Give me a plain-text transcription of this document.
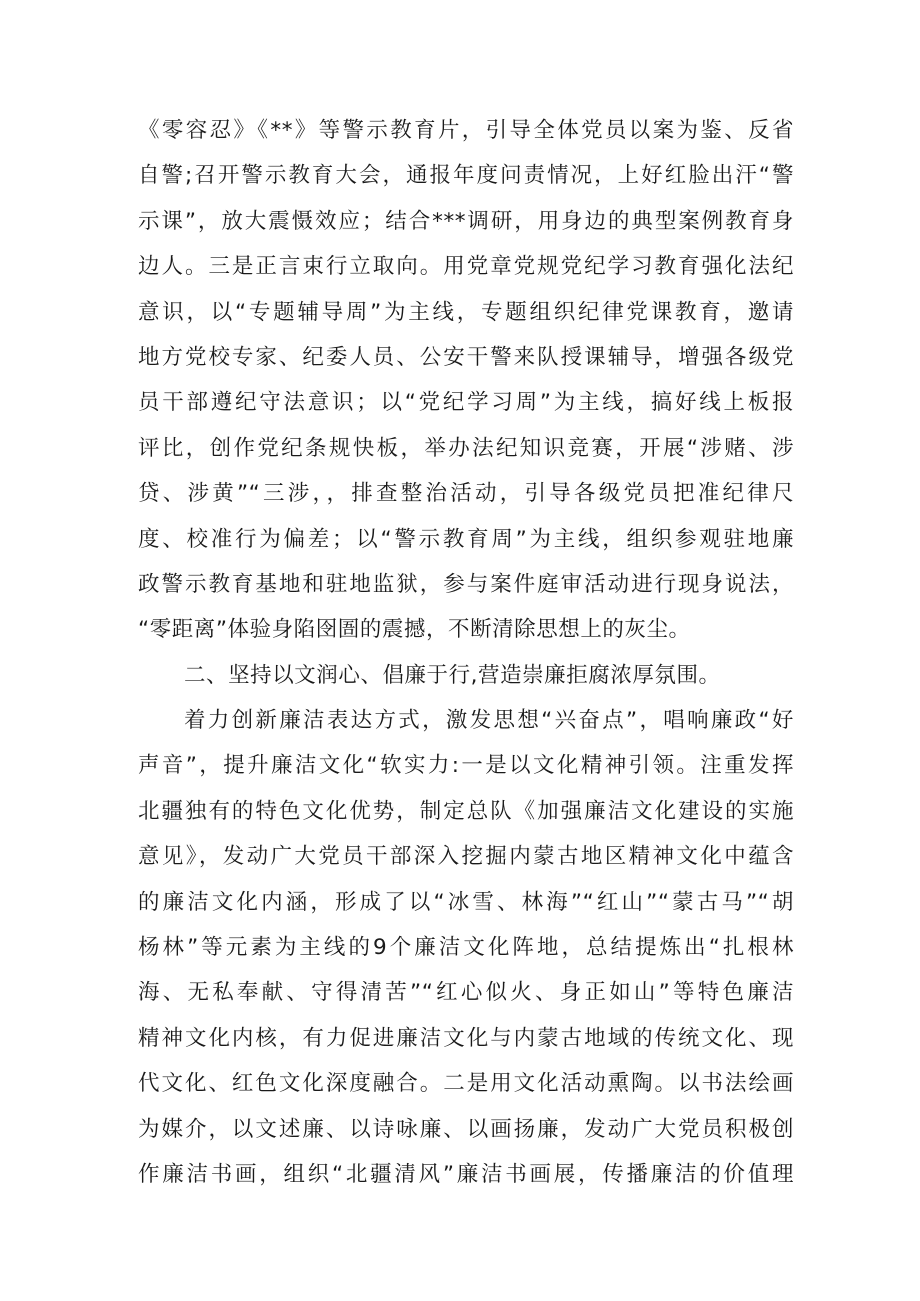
《零容忍》《**》等警示教育片，引导全体党员以案为鉴、反省
自警;召开警示教育大会，通报年度问责情况，上好红脸出汗“警
示课”，放大震慑效应；结合***调研，用身边的典型案例教育身
边人。三是正言束行立取向。用党章党规党纪学习教育强化法纪
意识，以“专题辅导周”为主线，专题组织纪律党课教育，邀请
地方党校专家、纪委人员、公安干警来队授课辅导，增强各级党
员干部遵纪守法意识；以“党纪学习周”为主线，搞好线上板报
评比，创作党纪条规快板，举办法纪知识竞赛，开展“涉赌、涉
贷、涉黄”“三涉，，排查整治活动，引导各级党员把准纪律尺
度、校准行为偏差；以“警示教育周”为主线，组织参观驻地廉
政警示教育基地和驻地监狱，参与案件庭审活动进行现身说法，
“零距离”体验身陷囹圄的震撼，不断清除思想上的灰尘。
二、坚持以文润心、倡廉于行,营造崇廉拒腐浓厚氛围。
着力创新廉洁表达方式，激发思想“兴奋点”，唱响廉政“好
声音”，提升廉洁文化“软实力:一是以文化精神引领。注重发挥
北疆独有的特色文化优势，制定总队《加强廉洁文化建设的实施
意见》，发动广大党员干部深入挖掘内蒙古地区精神文化中蕴含
的廉洁文化内涵，形成了以“冰雪、林海”“红山”“蒙古马”“胡
杨林”等元素为主线的9个廉洁文化阵地，总结提炼出“扎根林
海、无私奉献、守得清苦”“红心似火、身正如山”等特色廉洁
精神文化内核，有力促进廉洁文化与内蒙古地域的传统文化、现
代文化、红色文化深度融合。二是用文化活动熏陶。以书法绘画
为媒介，以文述廉、以诗咏廉、以画扬廉，发动广大党员积极创
作廉洁书画，组织“北疆清风”廉洁书画展，传播廉洁的价值理
